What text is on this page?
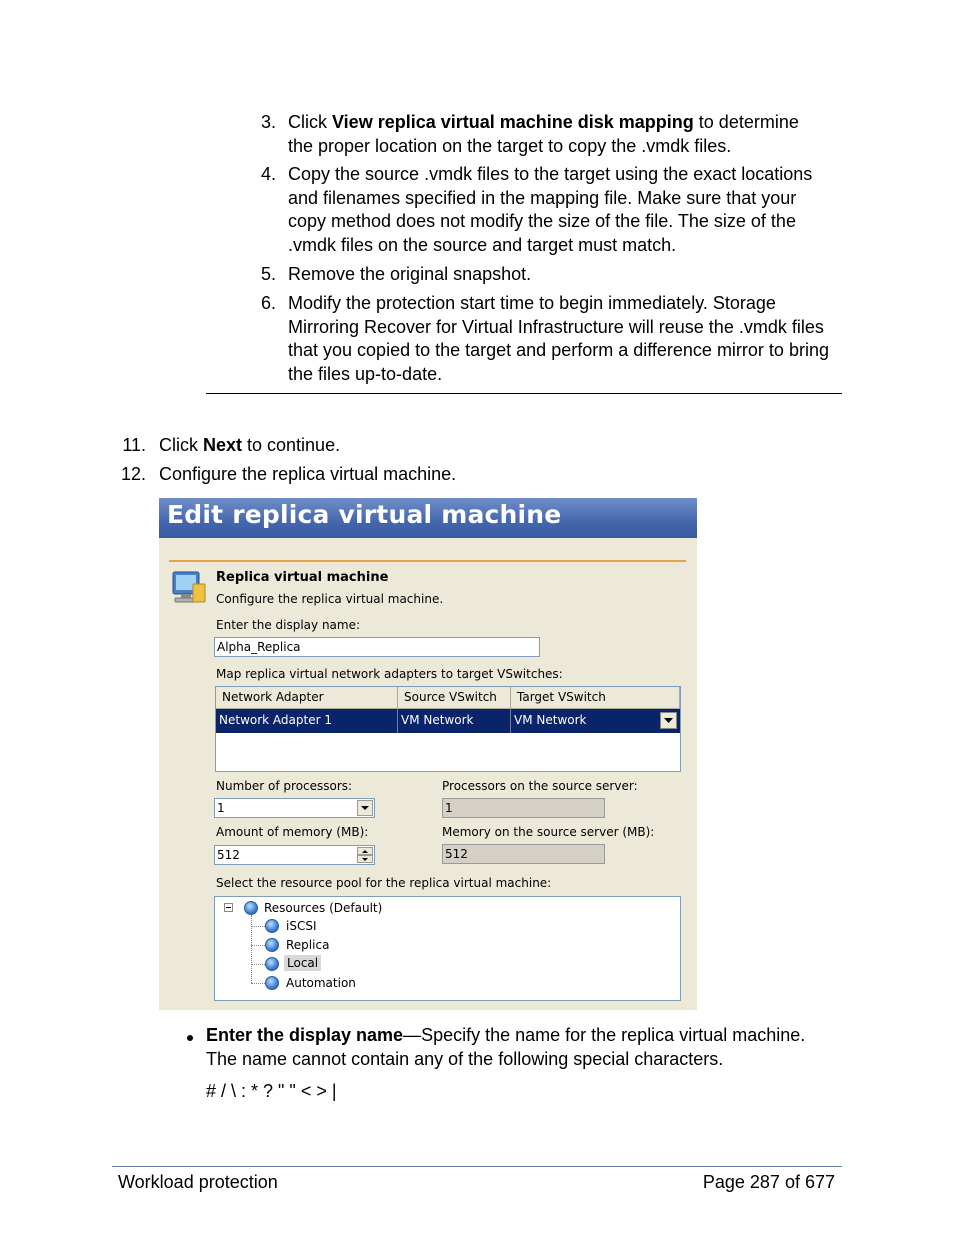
3. Click View replica virtual machine disk mapping to determine
the proper location on the target to copy the .vmdk files.
4. Copy the source .vmdk files to the target using the exact locations
and filenames specified in the mapping file. Make sure that your
copy method does not modify the size of the file. The size of the
.vmdk files on the source and target must match.
5. Remove the original snapshot.
6. Modify the protection start time to begin immediately. Storage
Mirroring Recover for Virtual Infrastructure will reuse the .vmdk files
that you copied to the target and perform a difference mirror to bring
the files up-to-date.
11. Click Next to continue.
12. Configure the replica virtual machine.
Edit replica virtual machine
Replica virtual machine
Configure the replica virtual machine.
Enter the display name:
Alpha_Replica
Map replica virtual network adapters to target VSwitches:
Network Adapter	Source VSwitch	Target VSwitch
Network Adapter 1	VM Network	VM Network
Number of processors:
1
Processors on the source server:
1
Amount of memory (MB):
512
Memory on the source server (MB):
512
Select the resource pool for the replica virtual machine:
Resources (Default)
iSCSI
Replica
Local
Automation
Enter the display name—Specify the name for the replica virtual machine.
The name cannot contain any of the following special characters.
# / \ : * ? " " < > |
Workload protection	Page 287 of 677
